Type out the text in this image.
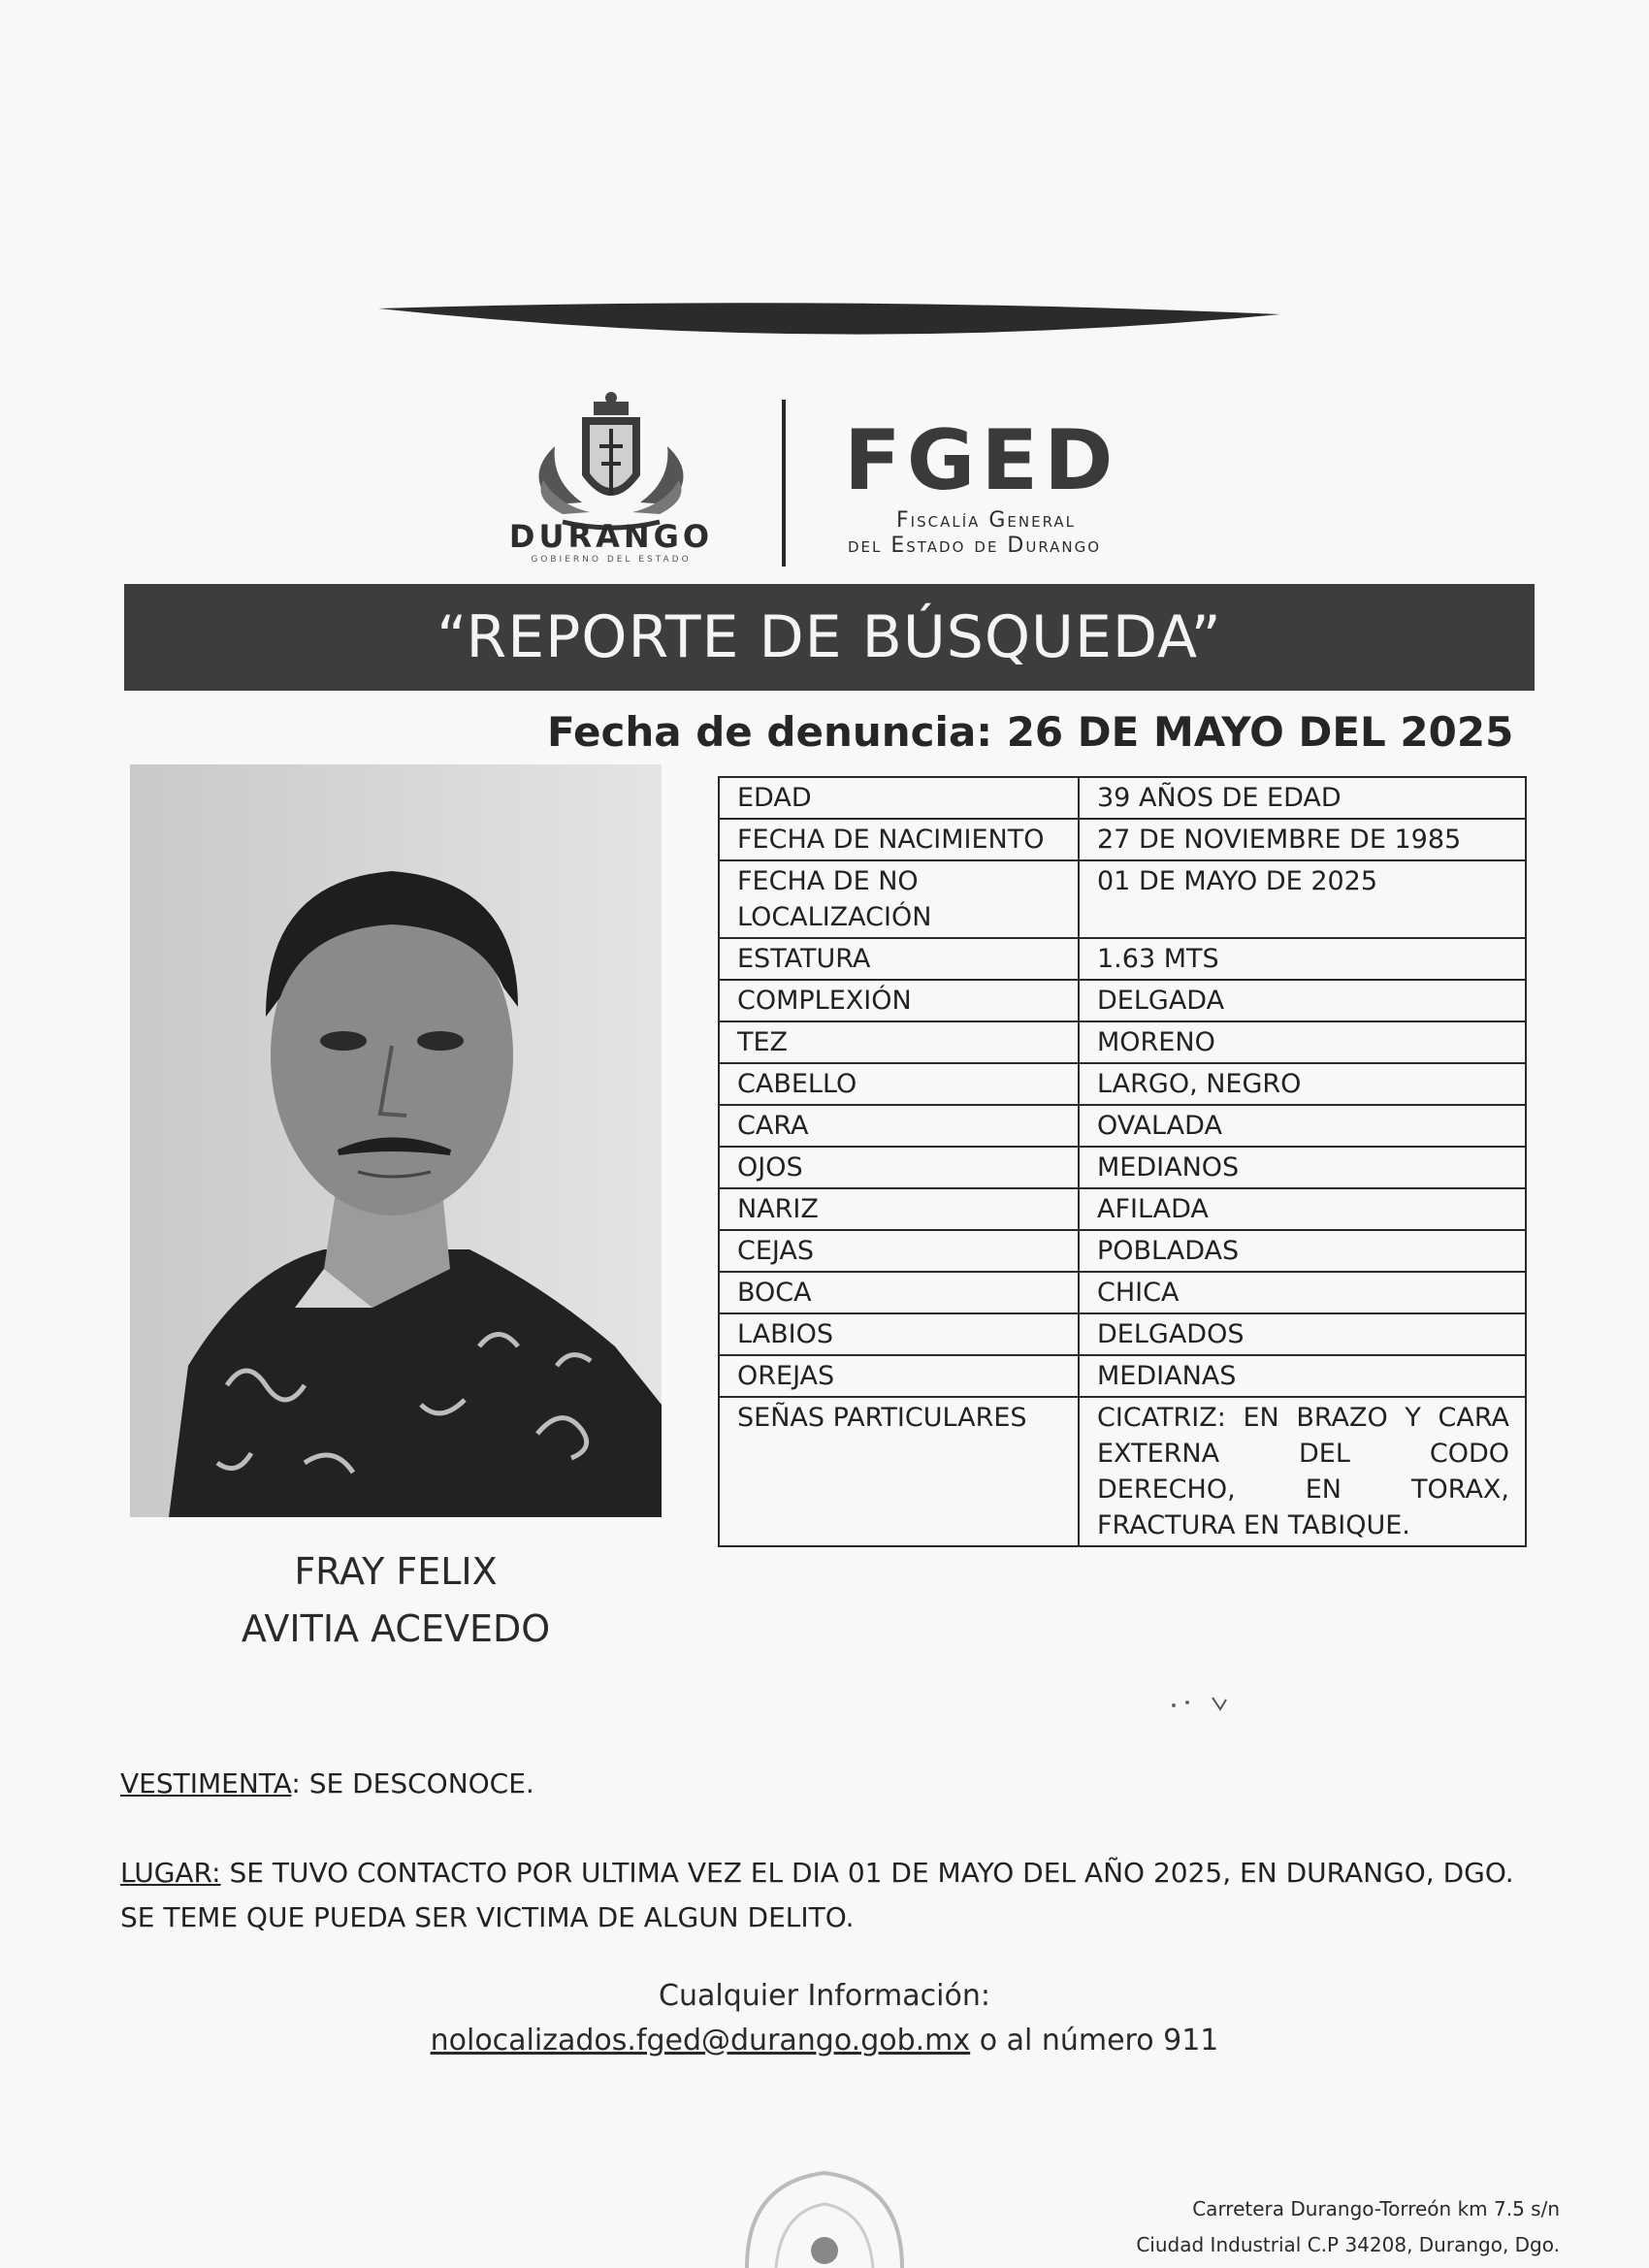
DURANGO
GOBIERNO DEL ESTADO
FGED
Fiscalía General
del Estado de Durango
“REPORTE DE BÚSQUEDA”
Fecha de denuncia: 26 DE MAYO DEL 2025
FRAY FELIX
AVITIA ACEVEDO
EDAD	39 AÑOS DE EDAD
FECHA DE NACIMIENTO	27 DE NOVIEMBRE DE 1985
FECHA DE NO LOCALIZACIÓN	01 DE MAYO DE 2025
ESTATURA	1.63 MTS
COMPLEXIÓN	DELGADA
TEZ	MORENO
CABELLO	LARGO, NEGRO
CARA	OVALADA
OJOS	MEDIANOS
NARIZ	AFILADA
CEJAS	POBLADAS
BOCA	CHICA
LABIOS	DELGADOS
OREJAS	MEDIANAS
SEÑAS PARTICULARES	CICATRIZ: EN BRAZO Y CARA EXTERNA DEL CODO DERECHO, EN TORAX, FRACTURA EN TABIQUE.
VESTIMENTA: SE DESCONOCE.
LUGAR: SE TUVO CONTACTO POR ULTIMA VEZ EL DIA 01 DE MAYO DEL AÑO 2025, EN DURANGO, DGO. SE TEME QUE PUEDA SER VICTIMA DE ALGUN DELITO.
Cualquier Información:
nolocalizados.fged@durango.gob.mx o al número 911
Carretera Durango-Torreón km 7.5 s/n
Ciudad Industrial C.P 34208, Durango, Dgo.
